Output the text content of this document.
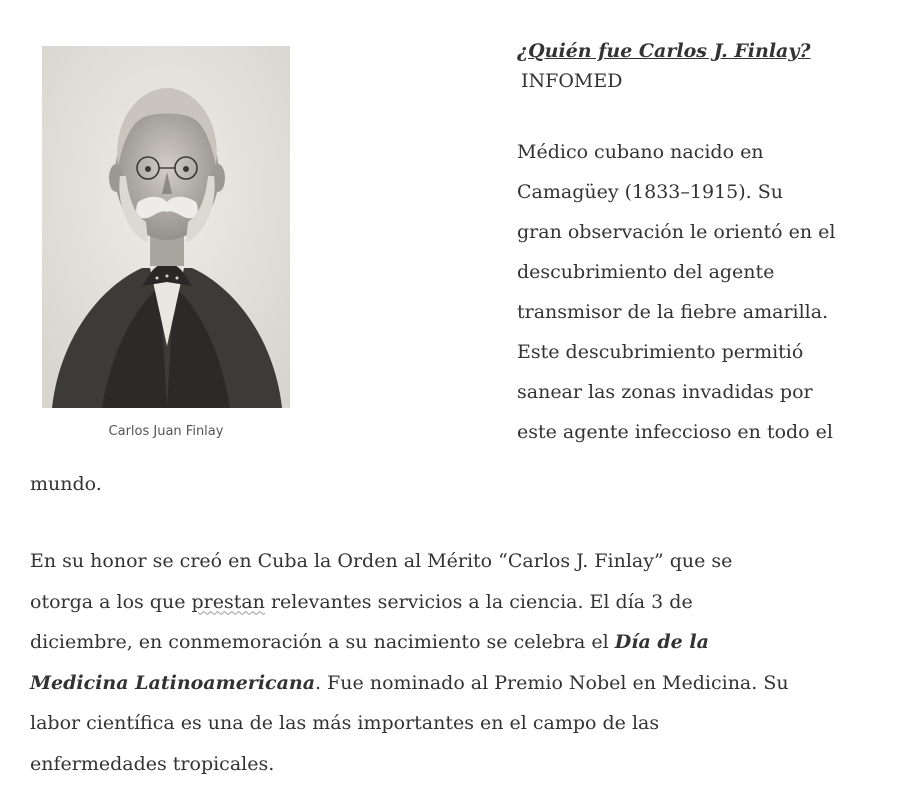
Carlos Juan Finlay
¿Quién fue Carlos J. Finlay?
INFOMED
Médico cubano nacido en
Camagüey (1833–1915). Su
gran observación le orientó en el
descubrimiento del agente
transmisor de la fiebre amarilla.
Este descubrimiento permitió
sanear las zonas invadidas por
este agente infeccioso en todo el
mundo.
En su honor se creó en Cuba la Orden al Mérito “Carlos J. Finlay” que se
otorga a los que prestan relevantes servicios a la ciencia. El día 3 de
diciembre, en conmemoración a su nacimiento se celebra el Día de la
Medicina Latinoamericana. Fue nominado al Premio Nobel en Medicina. Su
labor científica es una de las más importantes en el campo de las
enfermedades tropicales.
